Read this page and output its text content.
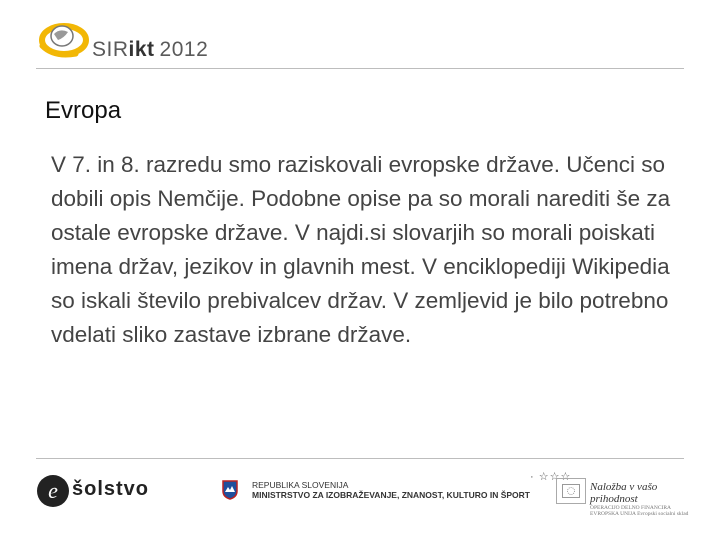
SIRikt 2012
Evropa
V 7. in 8. razredu smo raziskovali evropske države. Učenci so dobili opis Nemčije. Podobne opise pa so morali narediti še za ostale evropske države. V najdi.si slovarjih so morali poiskati imena držav, jezikov in glavnih mest. V enciklopediji Wikipedia so iskali število prebivalcev držav. V zemljevid je bilo potrebno vdelati sliko zastave izbrane države.
e šolstvo	REPUBLIKA SLOVENIJA
MINISTRSTVO ZA IZOBRAŽEVANJE, ZNANOST, KULTURO IN ŠPORT
· ☆☆☆
Naložba v vašo prihodnost
OPERACIJO DELNO FINANCIRA EVROPSKA UNIJA Evropski socialni sklad
